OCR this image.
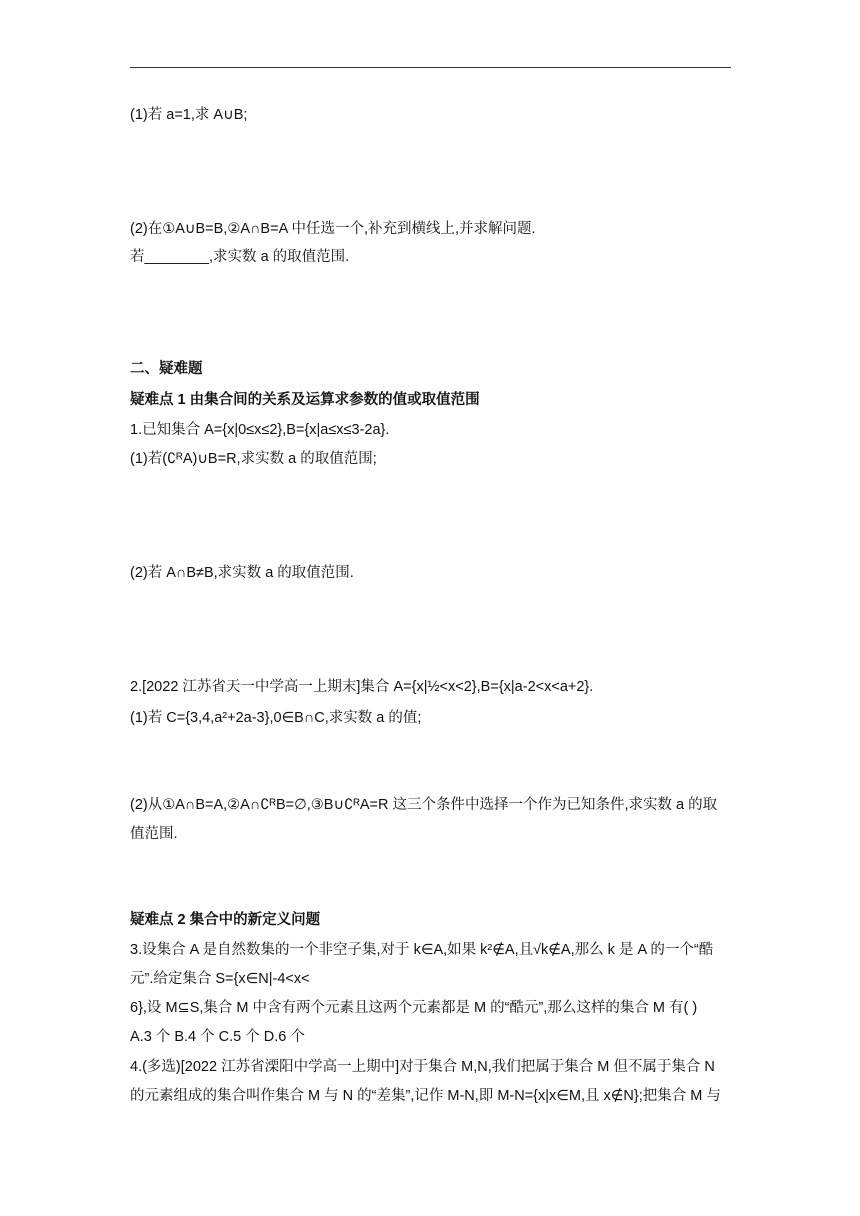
(1)若 a=1,求 A∪B;
(2)在①A∪B=B,②A∩B=A 中任选一个,补充到横线上,并求解问题.
若________,求实数 a 的取值范围.
二、疑难题
疑难点 1 由集合间的关系及运算求参数的值或取值范围
1.已知集合 A={x|0≤x≤2},B={x|a≤x≤3-2a}.
(1)若(∁ᴿA)∪B=R,求实数 a 的取值范围;
(2)若 A∩B≠B,求实数 a 的取值范围.
2.[2022 江苏省天一中学高一上期末]集合 A={x|½<x<2},B={x|a-2<x<a+2}.
(1)若 C={3,4,a²+2a-3},0∈B∩C,求实数 a 的值;
(2)从①A∩B=A,②A∩∁ᴿB=∅,③B∪∁ᴿA=R 这三个条件中选择一个作为已知条件,求实数 a 的取
值范围.
疑难点 2 集合中的新定义问题
3.设集合 A 是自然数集的一个非空子集,对于 k∈A,如果 k²∉A,且√k∉A,那么 k 是 A 的一个“酷
元”.给定集合 S={x∈N|-4<x<
6},设 M⊆S,集合 M 中含有两个元素且这两个元素都是 M 的“酷元”,那么这样的集合 M 有( )
A.3 个 B.4 个 C.5 个 D.6 个
4.(多选)[2022 江苏省溧阳中学高一上期中]对于集合 M,N,我们把属于集合 M 但不属于集合 N
的元素组成的集合叫作集合 M 与 N 的“差集”,记作 M-N,即 M-N={x|x∈M,且 x∉N};把集合 M 与
